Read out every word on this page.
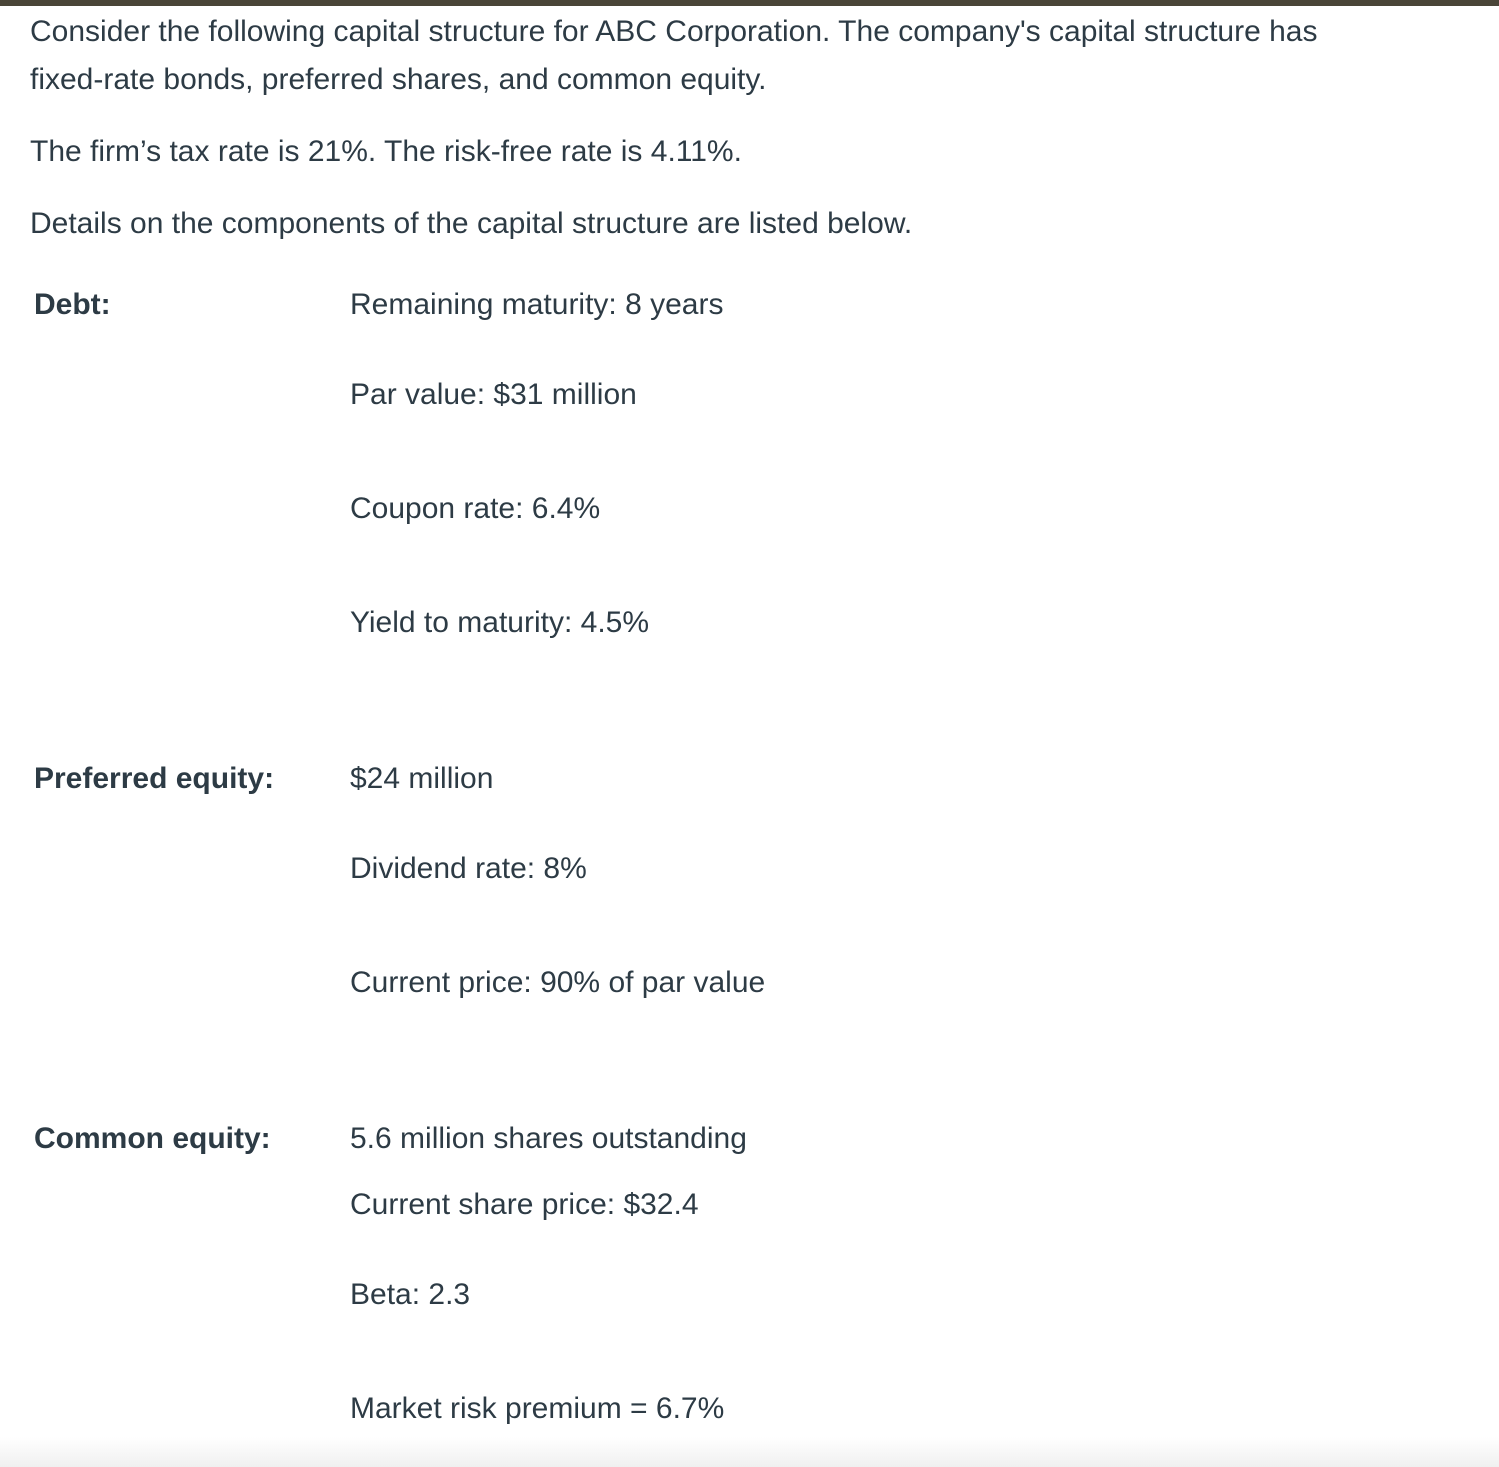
Consider the following capital structure for ABC Corporation. The company's capital structure has
fixed-rate bonds, preferred shares, and common equity.

The firm’s tax rate is 21%. The risk-free rate is 4.11%.

Details on the components of the capital structure are listed below.

Debt:	Remaining maturity: 8 years
Par value: $31 million
Coupon rate: 6.4%
Yield to maturity: 4.5%
Preferred equity:	$24 million
Dividend rate: 8%
Current price: 90% of par value
Common equity:	5.6 million shares outstanding
Current share price: $32.4
Beta: 2.3
Market risk premium = 6.7%
